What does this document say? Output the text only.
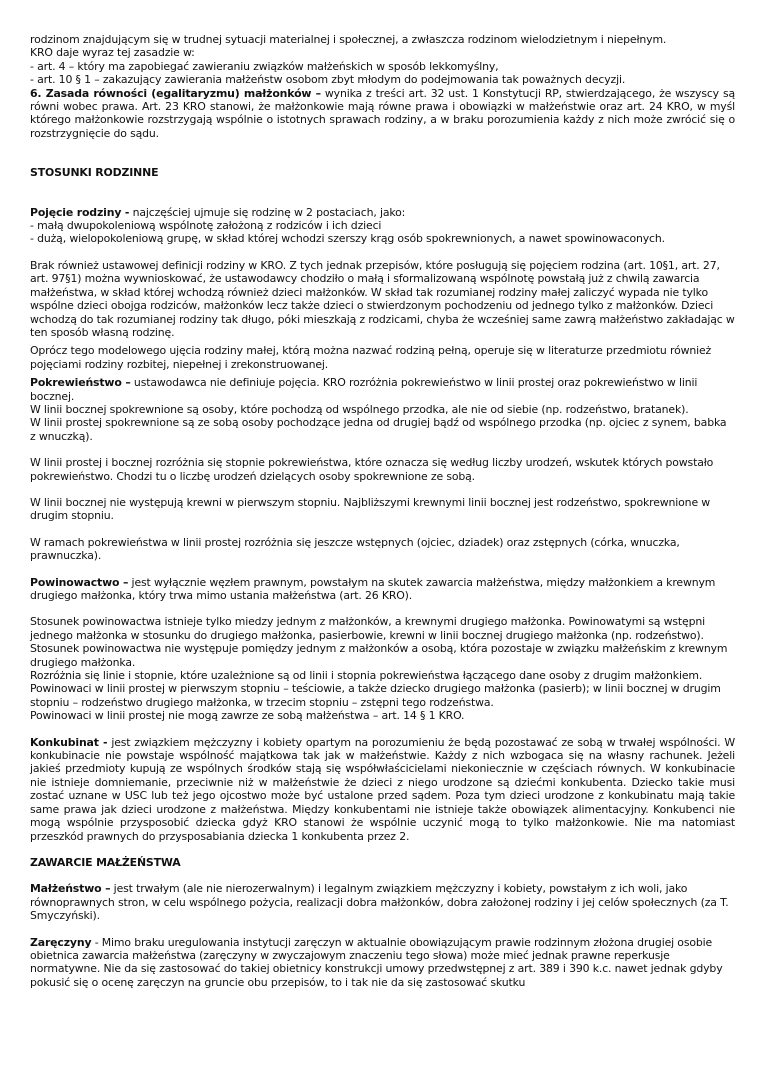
rodzinom znajdującym się w trudnej sytuacji materialnej i społecznej, a zwłaszcza rodzinom wielodzietnym i niepełnym.

KRO daje wyraz tej zasadzie w:

- art. 4 – który ma zapobiegać zawieraniu związków małżeńskich w sposób lekkomyślny,

- art. 10 § 1 – zakazujący zawierania małżeństw osobom zbyt młodym do podejmowania tak poważnych decyzji.

6. Zasada równości (egalitaryzmu) małżonków – wynika z treści art. 32 ust. 1 Konstytucji RP, stwierdzającego, że wszyscy są równi wobec prawa. Art. 23 KRO stanowi, że małżonkowie mają równe prawa i obowiązki w małżeństwie oraz art. 24 KRO, w myśl którego małżonkowie rozstrzygają wspólnie o istotnych sprawach rodziny, a w braku porozumienia każdy z nich może zwrócić się o rozstrzygnięcie do sądu.

STOSUNKI RODZINNE

Pojęcie rodziny - najczęściej ujmuje się rodzinę w 2 postaciach, jako:

- małą dwupokoleniową wspólnotę założoną z rodziców i ich dzieci

- dużą, wielopokoleniową grupę, w skład której wchodzi szerszy krąg osób spokrewnionych, a nawet spowinowaconych.

Brak również ustawowej definicji rodziny w KRO. Z tych jednak przepisów, które posługują się pojęciem rodzina (art. 10§1, art. 27, art. 97§1) można wywnioskować, że ustawodawcy chodziło o małą i sformalizowaną wspólnotę powstałą już z chwilą zawarcia małżeństwa, w skład której wchodzą również dzieci małżonków. W skład tak rozumianej rodziny małej zaliczyć wypada nie tylko wspólne dzieci obojga rodziców, małżonków lecz także dzieci o stwierdzonym pochodzeniu od jednego tylko z małżonków. Dzieci wchodzą do tak rozumianej rodziny tak długo, póki mieszkają z rodzicami, chyba że wcześniej same zawrą małżeństwo zakładając w ten sposób własną rodzinę.

Oprócz tego modelowego ujęcia rodziny małej, którą można nazwać rodziną pełną, operuje się w literaturze przedmiotu również pojęciami rodziny rozbitej, niepełnej i zrekonstruowanej.

Pokrewieństwo – ustawodawca nie definiuje pojęcia. KRO rozróżnia pokrewieństwo w linii prostej oraz pokrewieństwo w linii bocznej.

W linii bocznej spokrewnione są osoby, które pochodzą od wspólnego przodka, ale nie od siebie (np. rodzeństwo, bratanek).

W linii prostej spokrewnione są ze sobą osoby pochodzące jedna od drugiej bądź od wspólnego przodka (np. ojciec z synem, babka z wnuczką).

W linii prostej i bocznej rozróżnia się stopnie pokrewieństwa, które oznacza się według liczby urodzeń, wskutek których powstało pokrewieństwo. Chodzi tu o liczbę urodzeń dzielących osoby spokrewnione ze sobą.

W linii bocznej nie występują krewni w pierwszym stopniu. Najbliższymi krewnymi linii bocznej jest rodzeństwo, spokrewnione w drugim stopniu.

W ramach pokrewieństwa w linii prostej rozróżnia się jeszcze wstępnych (ojciec, dziadek) oraz zstępnych (córka, wnuczka, prawnuczka).

Powinowactwo – jest wyłącznie węzłem prawnym, powstałym na skutek zawarcia małżeństwa, między małżonkiem a krewnym drugiego małżonka, który trwa mimo ustania małżeństwa (art. 26 KRO).

Stosunek powinowactwa istnieje tylko miedzy jednym z małżonków, a krewnymi drugiego małżonka. Powinowatymi są wstępni jednego małżonka w stosunku do drugiego małżonka, pasierbowie, krewni w linii bocznej drugiego małżonka (np. rodzeństwo). Stosunek powinowactwa nie występuje pomiędzy jednym z małżonków a osobą, która pozostaje w związku małżeńskim z krewnym drugiego małżonka.

Rozróżnia się linie i stopnie, które uzależnione są od linii i stopnia pokrewieństwa łączącego dane osoby z drugim małżonkiem.

Powinowaci w linii prostej w pierwszym stopniu – teściowie, a także dziecko drugiego małżonka (pasierb); w linii bocznej w drugim stopniu – rodzeństwo drugiego małżonka, w trzecim stopniu – zstępni tego rodzeństwa.

Powinowaci w linii prostej nie mogą zawrze ze sobą małżeństwa – art. 14 § 1 KRO.

Konkubinat - jest związkiem mężczyzny i kobiety opartym na porozumieniu że będą pozostawać ze sobą w trwałej wspólności. W konkubinacie nie powstaje wspólność majątkowa tak jak w małżeństwie. Każdy z nich wzbogaca się na własny rachunek. Jeżeli jakieś przedmioty kupują ze wspólnych środków stają się współwłaścicielami niekoniecznie w częściach równych. W konkubinacie nie istnieje domniemanie, przeciwnie niż w małżeństwie że dzieci z niego urodzone są dziećmi konkubenta. Dziecko takie musi zostać uznane w USC lub też jego ojcostwo może być ustalone przed sądem. Poza tym dzieci urodzone z konkubinatu mają takie same prawa jak dzieci urodzone z małżeństwa. Między konkubentami nie istnieje także obowiązek alimentacyjny. Konkubenci nie mogą wspólnie przysposobić dziecka gdyż KRO stanowi że wspólnie uczynić mogą to tylko małżonkowie. Nie ma natomiast przeszkód prawnych do przysposabiania dziecka 1 konkubenta przez 2.

ZAWARCIE MAŁŻEŃSTWA

Małżeństwo – jest trwałym (ale nie nierozerwalnym) i legalnym związkiem mężczyzny i kobiety, powstałym z ich woli, jako równoprawnych stron, w celu wspólnego pożycia, realizacji dobra małżonków, dobra założonej rodziny i jej celów społecznych (za T. Smyczyński).

Zaręczyny - Mimo braku uregulowania instytucji zaręczyn w aktualnie obowiązującym prawie rodzinnym złożona drugiej osobie obietnica zawarcia małżeństwa (zaręczyny w zwyczajowym znaczeniu tego słowa) może mieć jednak prawne reperkusje normatywne. Nie da się zastosować do takiej obietnicy konstrukcji umowy przedwstępnej z art. 389 i 390 k.c. nawet jednak gdyby pokusić się o ocenę zaręczyn na gruncie obu przepisów, to i tak nie da się zastosować skutku
